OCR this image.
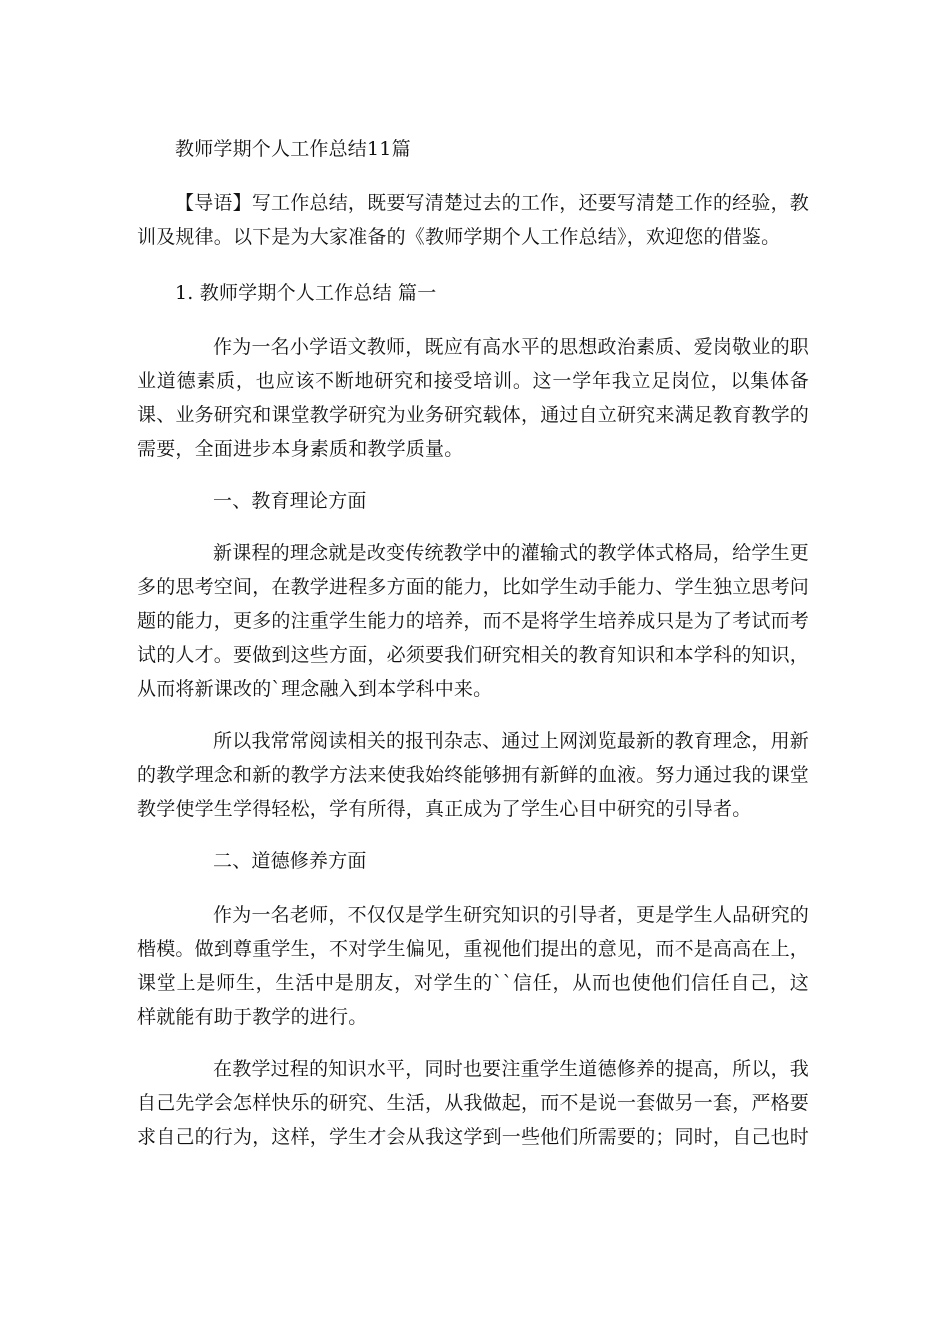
教师学期个人工作总结11篇

【导语】写工作总结，既要写清楚过去的工作，还要写清楚工作的经验，教训及规律。以下是为大家准备的《教师学期个人工作总结》，欢迎您的借鉴。

1. 教师学期个人工作总结 篇一

作为一名小学语文教师，既应有高水平的思想政治素质、爱岗敬业的职业道德素质，也应该不断地研究和接受培训。这一学年我立足岗位，以集体备课、业务研究和课堂教学研究为业务研究载体，通过自立研究来满足教育教学的需要，全面进步本身素质和教学质量。

一、教育理论方面

新课程的理念就是改变传统教学中的灌输式的教学体式格局，给学生更多的思考空间，在教学进程多方面的能力，比如学生动手能力、学生独立思考问题的能力，更多的注重学生能力的培养，而不是将学生培养成只是为了考试而考试的人才。要做到这些方面，必须要我们研究相关的教育知识和本学科的知识，从而将新课改的`理念融入到本学科中来。

所以我常常阅读相关的报刊杂志、通过上网浏览最新的教育理念，用新的教学理念和新的教学方法来使我始终能够拥有新鲜的血液。努力通过我的课堂教学使学生学得轻松，学有所得，真正成为了学生心目中研究的引导者。

二、道德修养方面

作为一名老师，不仅仅是学生研究知识的引导者，更是学生人品研究的楷模。做到尊重学生，不对学生偏见，重视他们提出的意见，而不是高高在上，课堂上是师生，生活中是朋友，对学生的``信任，从而也使他们信任自己，这样就能有助于教学的进行。

在教学过程的知识水平，同时也要注重学生道德修养的提高，所以，我自己先学会怎样快乐的研究、生活，从我做起，而不是说一套做另一套，严格要求自己的行为，这样，学生才会从我这学到一些他们所需要的；同时，自己也时
